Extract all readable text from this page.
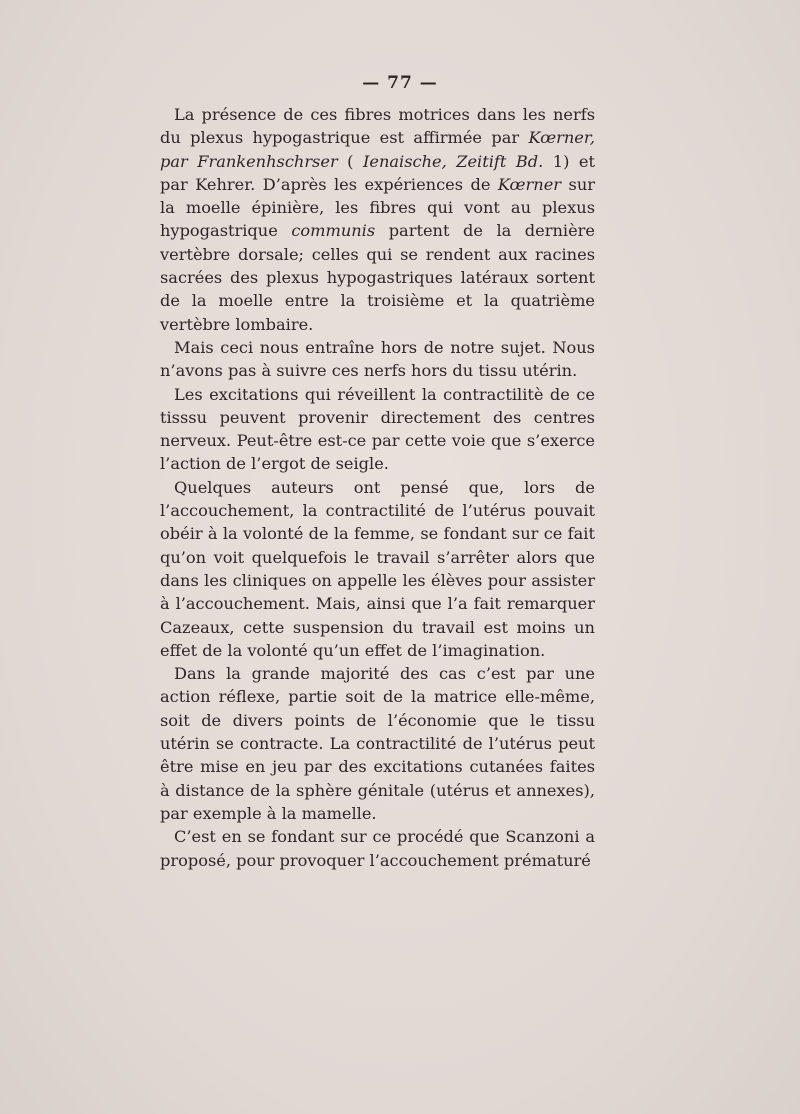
— 77 —

La présence de ces fibres motrices dans les nerfs du plexus hypogastrique est affirmée par Kœrner, par Frankenhschrser ( Ienaische, Zeitift Bd. 1) et par Kehrer. D’après les expériences de Kœrner sur la moelle épinière, les fibres qui vont au plexus hypogastrique communis partent de la dernière vertèbre dorsale; celles qui se rendent aux racines sacrées des plexus hypogastriques latéraux sortent de la moelle entre la troisième et la quatrième vertèbre lombaire.

Mais ceci nous entraîne hors de notre sujet. Nous n’avons pas à suivre ces nerfs hors du tissu utérin.

Les excitations qui réveillent la contractilitè de ce tisssu peuvent provenir directement des centres nerveux. Peut-être est-ce par cette voie que s’exerce l’action de l’ergot de seigle.

Quelques auteurs ont pensé que, lors de l’accouchement, la contractilité de l’utérus pouvait obéir à la volonté de la femme, se fondant sur ce fait qu’on voit quelquefois le travail s’arrêter alors que dans les cliniques on appelle les élèves pour assister à l’accouchement. Mais, ainsi que l’a fait remarquer Cazeaux, cette suspension du travail est moins un effet de la volonté qu’un effet de l’imagination.

Dans la grande majorité des cas c’est par une action réflexe, partie soit de la matrice elle-même, soit de divers points de l’économie que le tissu utérin se contracte. La contractilité de l’utérus peut être mise en jeu par des excitations cutanées faites à distance de la sphère génitale (utérus et annexes), par exemple à la mamelle.

C’est en se fondant sur ce procédé que Scanzoni a proposé, pour provoquer l’accouchement prématuré
